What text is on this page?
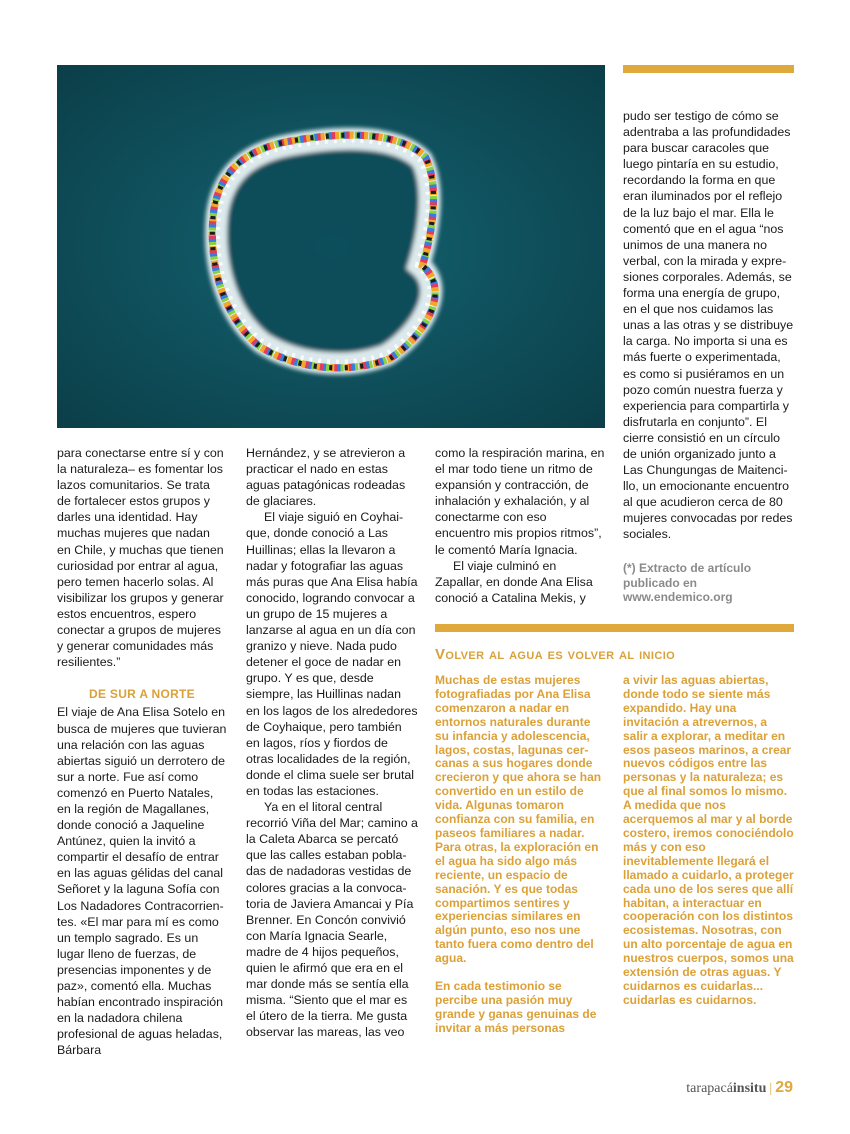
para conectarse entre sí y con la naturaleza– es fomentar los lazos comunitarios. Se trata de fortalecer estos grupos y darles una identidad. Hay muchas mujeres que nadan en Chile, y muchas que tienen curiosidad por entrar al agua, pero temen hacerlo solas. Al visibilizar los grupos y generar estos encuentros, espero conectar a grupos de mujeres y generar comunidades más resilientes.”

DE SUR A NORTE

El viaje de Ana Elisa Sotelo en busca de mujeres que tuvieran una relación con las aguas abiertas siguió un derrotero de sur a norte. Fue así como comenzó en Puerto Natales, en la región de Magallanes, donde conoció a Jaqueline Antúnez, quien la invitó a compartir el desafío de entrar en las aguas gélidas del canal Señoret y la laguna Sofía con Los Nadadores Contracorrientes. «El mar para mí es como un templo sagrado. Es un lugar lleno de fuerzas, de presencias imponentes y de paz», comentó ella. Muchas habían encontrado inspiración en la nadadora chilena profesional de aguas heladas, Bárbara

Hernández, y se atrevieron a practicar el nado en estas aguas patagónicas rodeadas de glaciares.

El viaje siguió en Coyhaique, donde conoció a Las Huillinas; ellas la llevaron a nadar y fotografiar las aguas más puras que Ana Elisa había conocido, logrando convocar a un grupo de 15 mujeres a lanzarse al agua en un día con granizo y nieve. Nada pudo detener el goce de nadar en grupo. Y es que, desde siempre, las Huillinas nadan en los lagos de los alrededores de Coyhaique, pero también en lagos, ríos y fiordos de otras localidades de la región, donde el clima suele ser brutal en todas las estaciones.

Ya en el litoral central recorrió Viña del Mar; camino a la Caleta Abarca se percató que las calles estaban pobladas de nadadoras vestidas de colores gracias a la convocatoria de Javiera Amancai y Pía Brenner. En Concón convivió con María Ignacia Searle, madre de 4 hijos pequeños, quien le afirmó que era en el mar donde más se sentía ella misma. “Siento que el mar es el útero de la tierra. Me gusta observar las mareas, las veo

como la respiración marina, en el mar todo tiene un ritmo de expansión y contracción, de inhalación y exhalación, y al conectarme con eso encuentro mis propios ritmos”, le comentó María Ignacia.

El viaje culminó en Zapallar, en donde Ana Elisa conoció a Catalina Mekis, y

pudo ser testigo de cómo se adentraba a las profundidades para buscar caracoles que luego pintaría en su estudio, recordando la forma en que eran iluminados por el reflejo de la luz bajo el mar. Ella le comentó que en el agua “nos unimos de una manera no verbal, con la mirada y expresiones corporales. Además, se forma una energía de grupo, en el que nos cuidamos las unas a las otras y se distribuye la carga. No importa si una es más fuerte o experimentada, es como si pusiéramos en un pozo común nuestra fuerza y experiencia para compartirla y disfrutarla en conjunto”. El cierre consistió en un círculo de unión organizado junto a Las Chungungas de Maitencillo, un emocionante encuentro al que acudieron cerca de 80 mujeres convocadas por redes sociales.

(*) Extracto de artículo publicado en www.endemico.org
Volver al agua es volver al inicio

Muchas de estas mujeres fotografiadas por Ana Elisa comenzaron a nadar en entornos naturales durante su infancia y adolescencia, lagos, costas, lagunas cercanas a sus hogares donde crecieron y que ahora se han convertido en un estilo de vida. Algunas tomaron confianza con su familia, en paseos familiares a nadar. Para otras, la exploración en el agua ha sido algo más reciente, un espacio de sanación. Y es que todas compartimos sentires y experiencias similares en algún punto, eso nos une tanto fuera como dentro del agua.

En cada testimonio se percibe una pasión muy grande y ganas genuinas de invitar a más personas

a vivir las aguas abiertas, donde todo se siente más expandido. Hay una invitación a atrevernos, a salir a explorar, a meditar en esos paseos marinos, a crear nuevos códigos entre las personas y la naturaleza; es que al final somos lo mismo. A medida que nos acerquemos al mar y al borde costero, iremos conociéndolo más y con eso inevitablemente llegará el llamado a cuidarlo, a proteger cada uno de los seres que allí habitan, a interactuar en cooperación con los distintos ecosistemas. Nosotras, con un alto porcentaje de agua en nuestros cuerpos, somos una extensión de otras aguas. Y cuidarnos es cuidarlas... cuidarlas es cuidarnos.

tarapacáinsitu | 29
